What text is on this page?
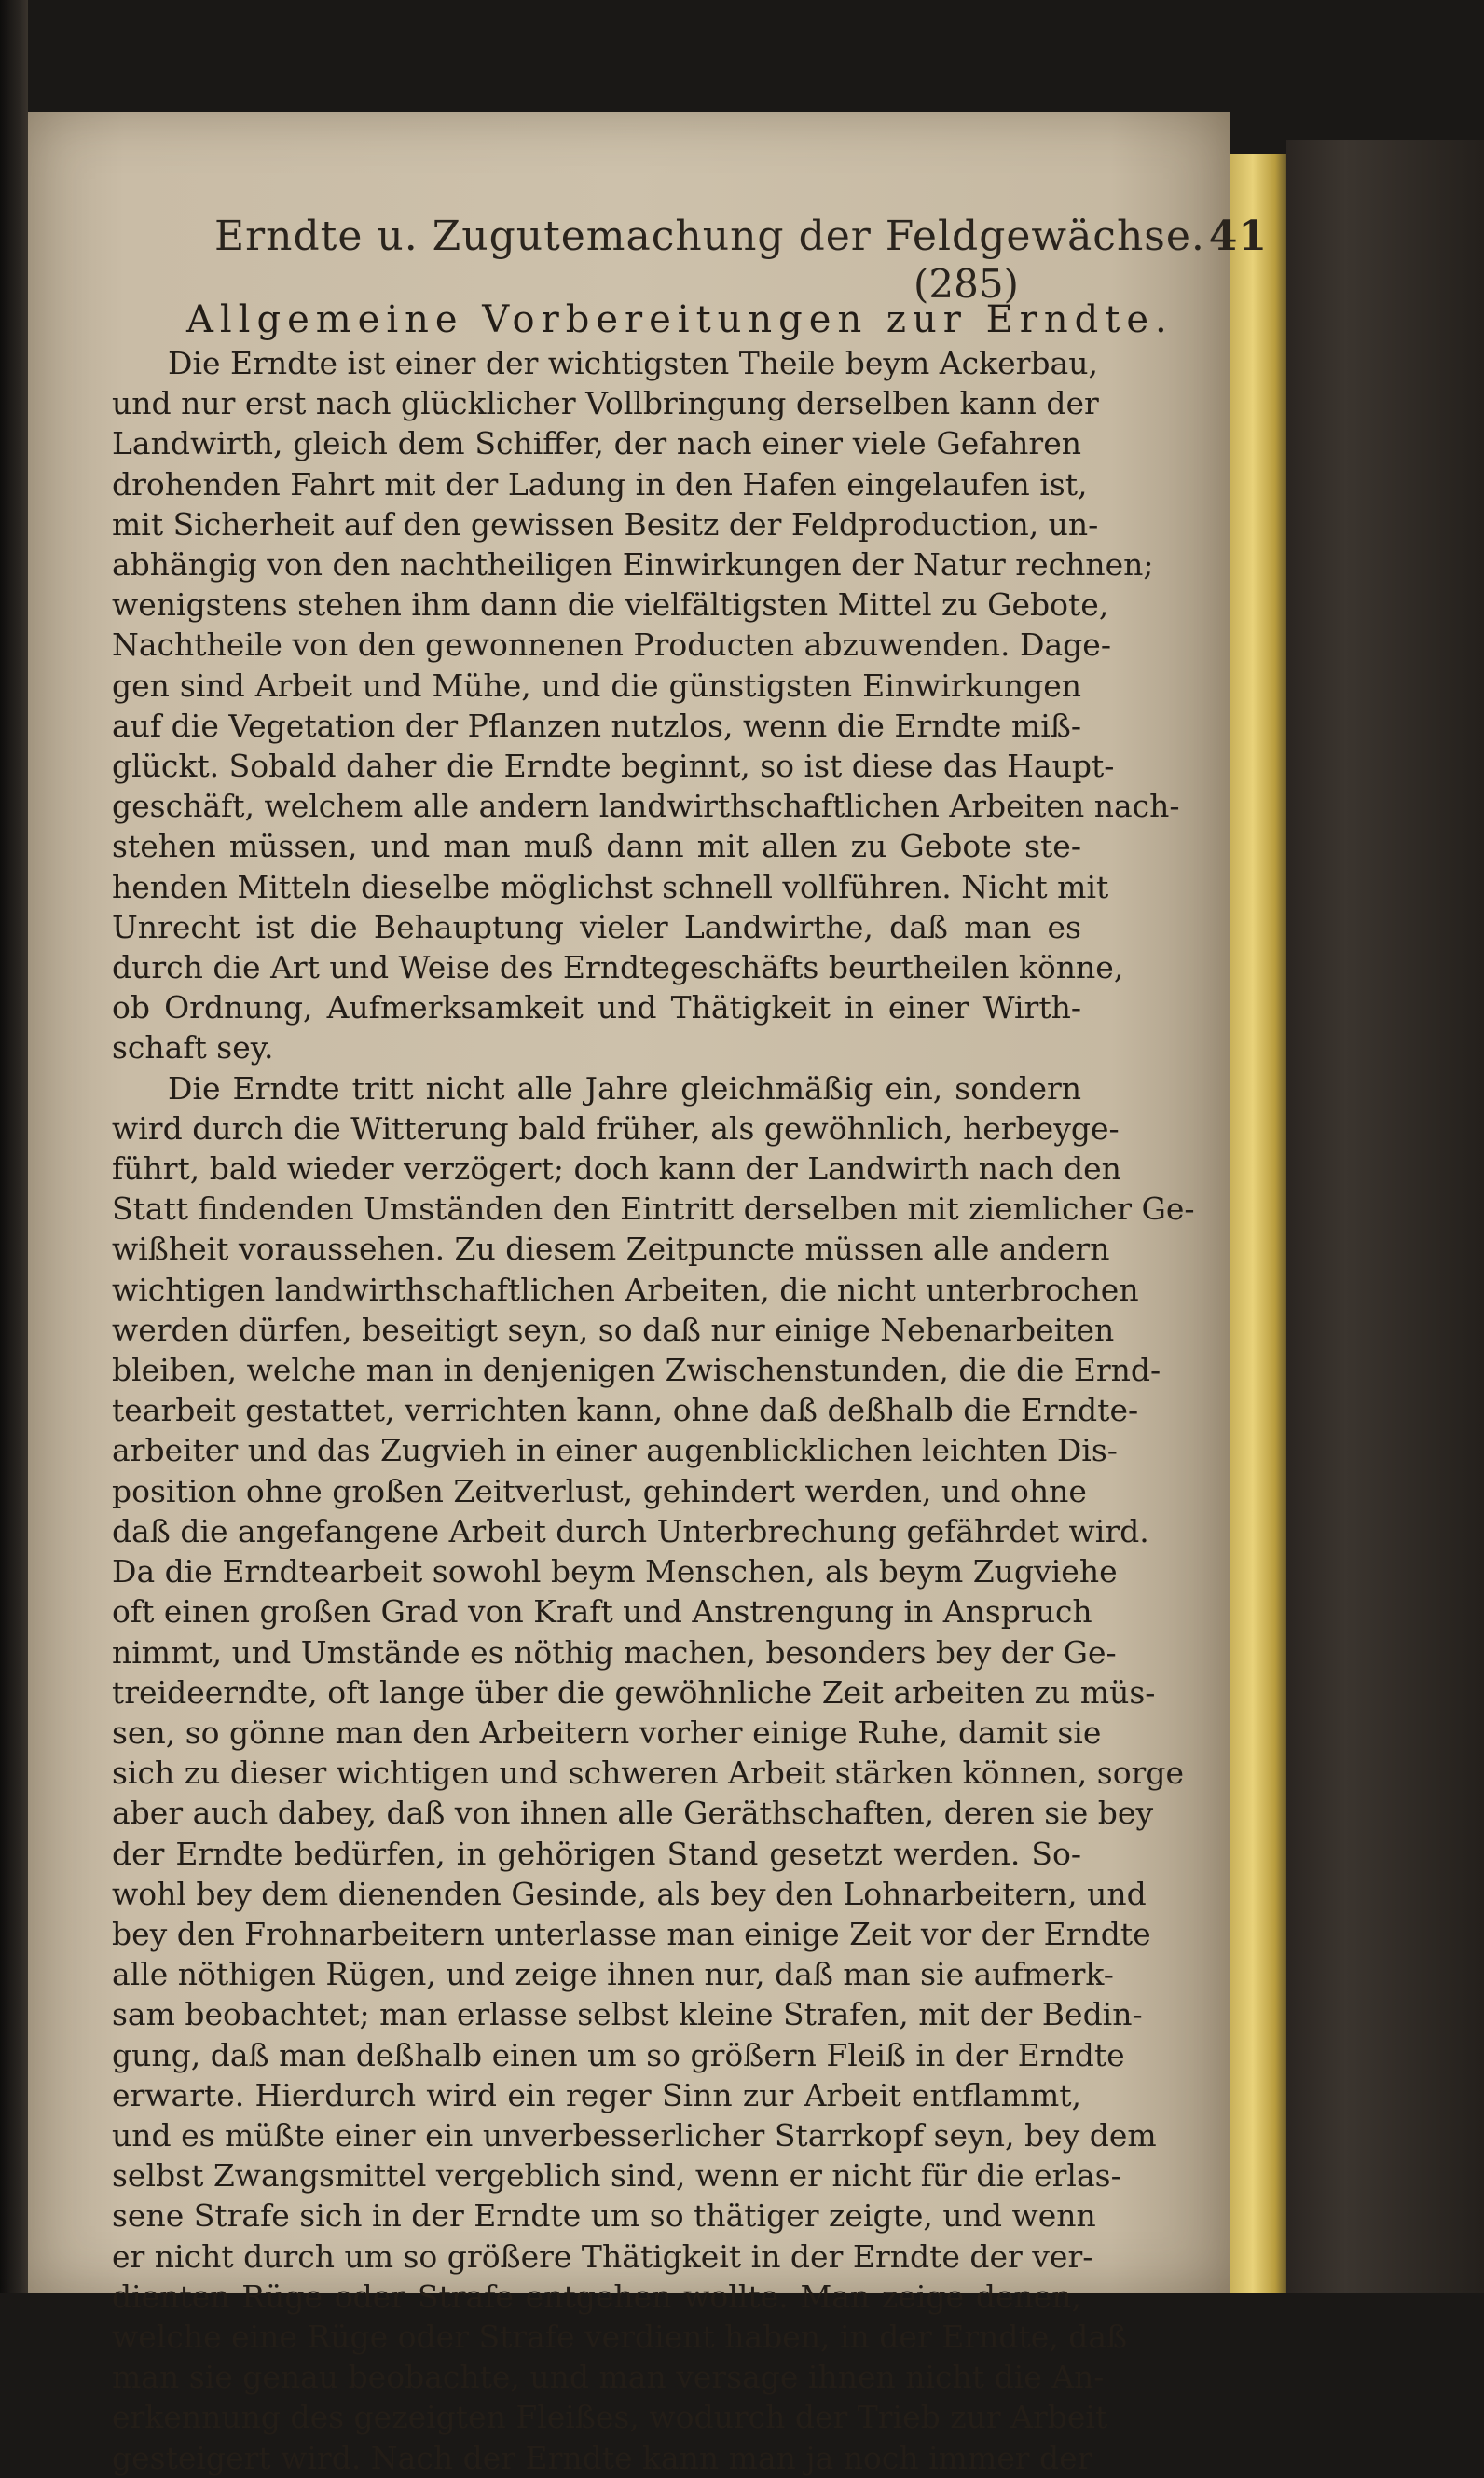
Erndte u. Zugutemachung der Feldgewächse. 41
(285)
Allgemeine Vorbereitungen zur Erndte.
Die Erndte ist einer der wichtigsten Theile beym Ackerbau,
und nur erst nach glücklicher Vollbringung derselben kann der
Landwirth, gleich dem Schiffer, der nach einer viele Gefahren
drohenden Fahrt mit der Ladung in den Hafen eingelaufen ist,
mit Sicherheit auf den gewissen Besitz der Feldproduction, un-
abhängig von den nachtheiligen Einwirkungen der Natur rechnen;
wenigstens stehen ihm dann die vielfältigsten Mittel zu Gebote,
Nachtheile von den gewonnenen Producten abzuwenden. Dage-
gen sind Arbeit und Mühe, und die günstigsten Einwirkungen
auf die Vegetation der Pflanzen nutzlos, wenn die Erndte miß-
glückt. Sobald daher die Erndte beginnt, so ist diese das Haupt-
geschäft, welchem alle andern landwirthschaftlichen Arbeiten nach-
stehen müssen, und man muß dann mit allen zu Gebote ste-
henden Mitteln dieselbe möglichst schnell vollführen. Nicht mit
Unrecht ist die Behauptung vieler Landwirthe, daß man es
durch die Art und Weise des Erndtegeschäfts beurtheilen könne,
ob Ordnung, Aufmerksamkeit und Thätigkeit in einer Wirth-
schaft sey.
Die Erndte tritt nicht alle Jahre gleichmäßig ein, sondern
wird durch die Witterung bald früher, als gewöhnlich, herbeyge-
führt, bald wieder verzögert; doch kann der Landwirth nach den
Statt findenden Umständen den Eintritt derselben mit ziemlicher Ge-
wißheit voraussehen. Zu diesem Zeitpuncte müssen alle andern
wichtigen landwirthschaftlichen Arbeiten, die nicht unterbrochen
werden dürfen, beseitigt seyn, so daß nur einige Nebenarbeiten
bleiben, welche man in denjenigen Zwischenstunden, die die Ernd-
tearbeit gestattet, verrichten kann, ohne daß deßhalb die Erndte-
arbeiter und das Zugvieh in einer augenblicklichen leichten Dis-
position ohne großen Zeitverlust, gehindert werden, und ohne
daß die angefangene Arbeit durch Unterbrechung gefährdet wird.
Da die Erndtearbeit sowohl beym Menschen, als beym Zugviehe
oft einen großen Grad von Kraft und Anstrengung in Anspruch
nimmt, und Umstände es nöthig machen, besonders bey der Ge-
treideerndte, oft lange über die gewöhnliche Zeit arbeiten zu müs-
sen, so gönne man den Arbeitern vorher einige Ruhe, damit sie
sich zu dieser wichtigen und schweren Arbeit stärken können, sorge
aber auch dabey, daß von ihnen alle Geräthschaften, deren sie bey
der Erndte bedürfen, in gehörigen Stand gesetzt werden. So-
wohl bey dem dienenden Gesinde, als bey den Lohnarbeitern, und
bey den Frohnarbeitern unterlasse man einige Zeit vor der Erndte
alle nöthigen Rügen, und zeige ihnen nur, daß man sie aufmerk-
sam beobachtet; man erlasse selbst kleine Strafen, mit der Bedin-
gung, daß man deßhalb einen um so größern Fleiß in der Erndte
erwarte. Hierdurch wird ein reger Sinn zur Arbeit entflammt,
und es müßte einer ein unverbesserlicher Starrkopf seyn, bey dem
selbst Zwangsmittel vergeblich sind, wenn er nicht für die erlas-
sene Strafe sich in der Erndte um so thätiger zeigte, und wenn
er nicht durch um so größere Thätigkeit in der Erndte der ver-
dienten Rüge oder Strafe entgehen wollte. Man zeige denen,
welche eine Rüge oder Strafe verdient haben, in der Erndte, daß
man sie genau beobachte, und man versage ihnen nicht die An-
erkennung des gezeigten Fleißes, wodurch der Trieb zur Arbeit
gesteigert wird. Nach der Erndte kann man ja noch immer der
